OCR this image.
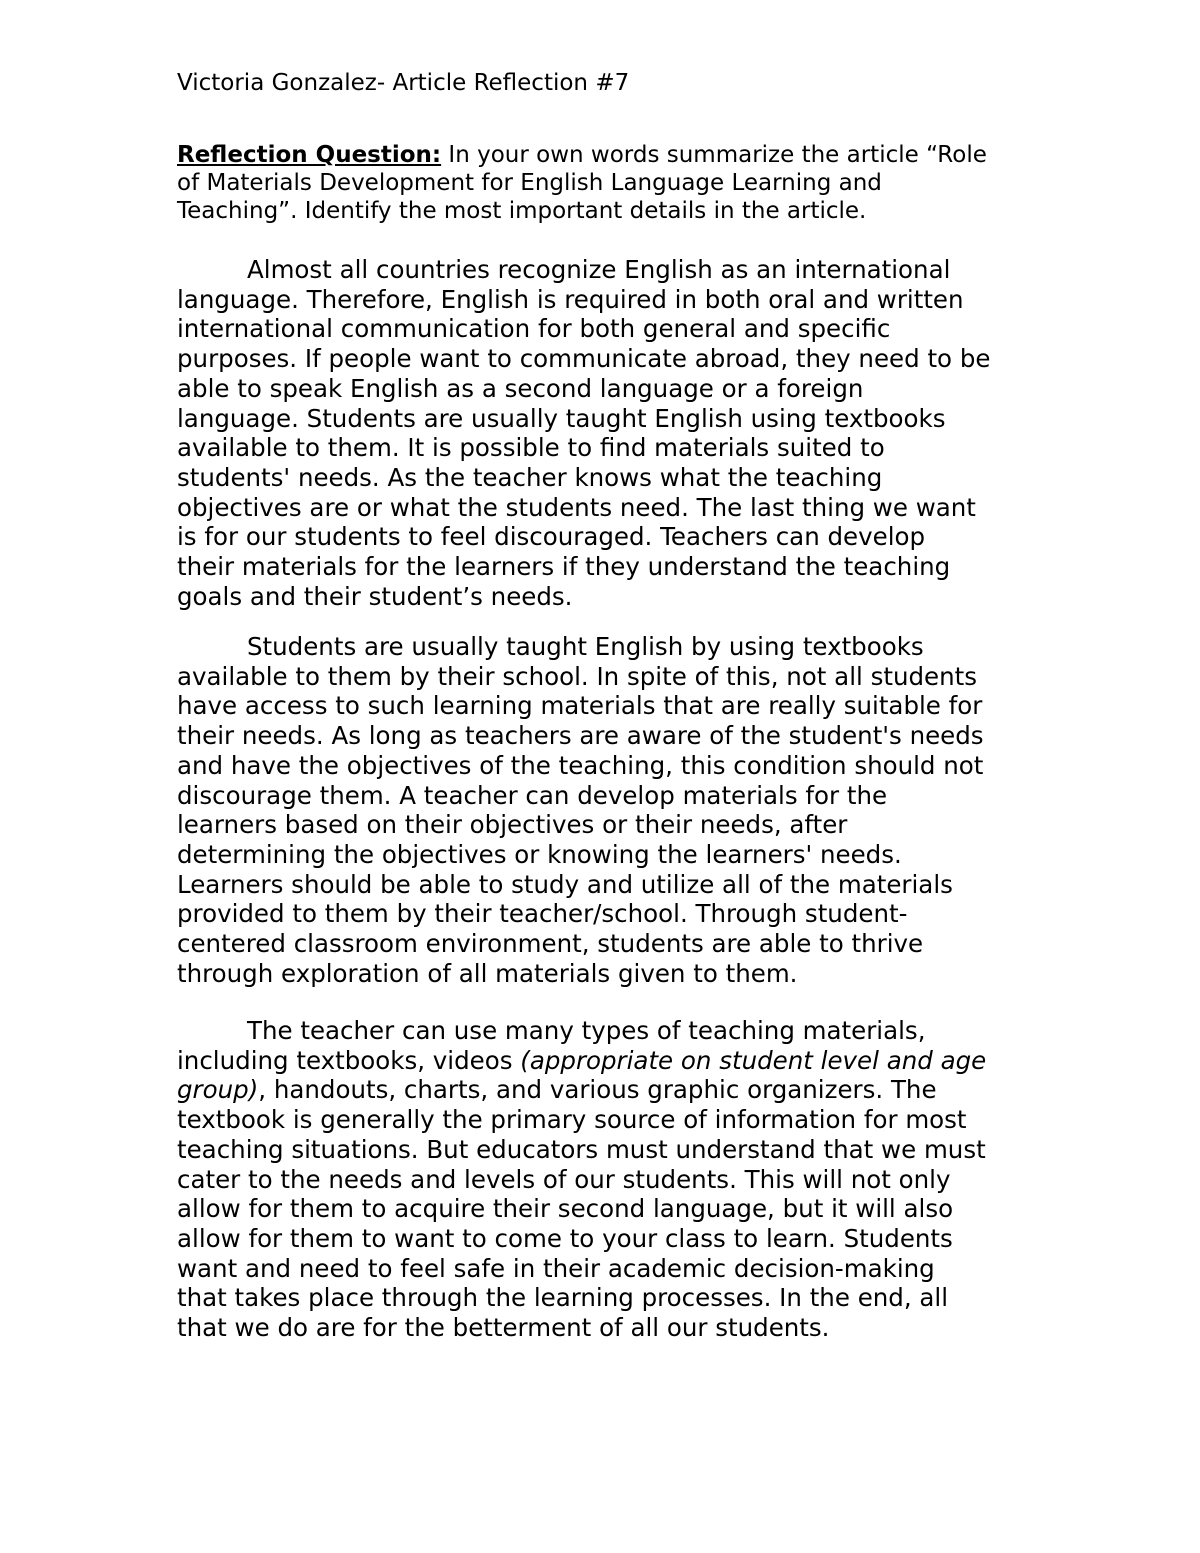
Victoria Gonzalez- Article Reflection #7
Reflection Question: In your own words summarize the article “Role
of Materials Development for English Language Learning and
Teaching”. Identify the most important details in the article.
Almost all countries recognize English as an international
language. Therefore, English is required in both oral and written
international communication for both general and specific
purposes. If people want to communicate abroad, they need to be
able to speak English as a second language or a foreign
language. Students are usually taught English using textbooks
available to them. It is possible to find materials suited to
students' needs. As the teacher knows what the teaching
objectives are or what the students need. The last thing we want
is for our students to feel discouraged. Teachers can develop
their materials for the learners if they understand the teaching
goals and their student’s needs.
Students are usually taught English by using textbooks
available to them by their school. In spite of this, not all students
have access to such learning materials that are really suitable for
their needs. As long as teachers are aware of the student's needs
and have the objectives of the teaching, this condition should not
discourage them. A teacher can develop materials for the
learners based on their objectives or their needs, after
determining the objectives or knowing the learners' needs.
Learners should be able to study and utilize all of the materials
provided to them by their teacher/school. Through student-
centered classroom environment, students are able to thrive
through exploration of all materials given to them.
The teacher can use many types of teaching materials,
including textbooks, videos (appropriate on student level and age
group), handouts, charts, and various graphic organizers. The
textbook is generally the primary source of information for most
teaching situations. But educators must understand that we must
cater to the needs and levels of our students. This will not only
allow for them to acquire their second language, but it will also
allow for them to want to come to your class to learn. Students
want and need to feel safe in their academic decision-making
that takes place through the learning processes. In the end, all
that we do are for the betterment of all our students.
